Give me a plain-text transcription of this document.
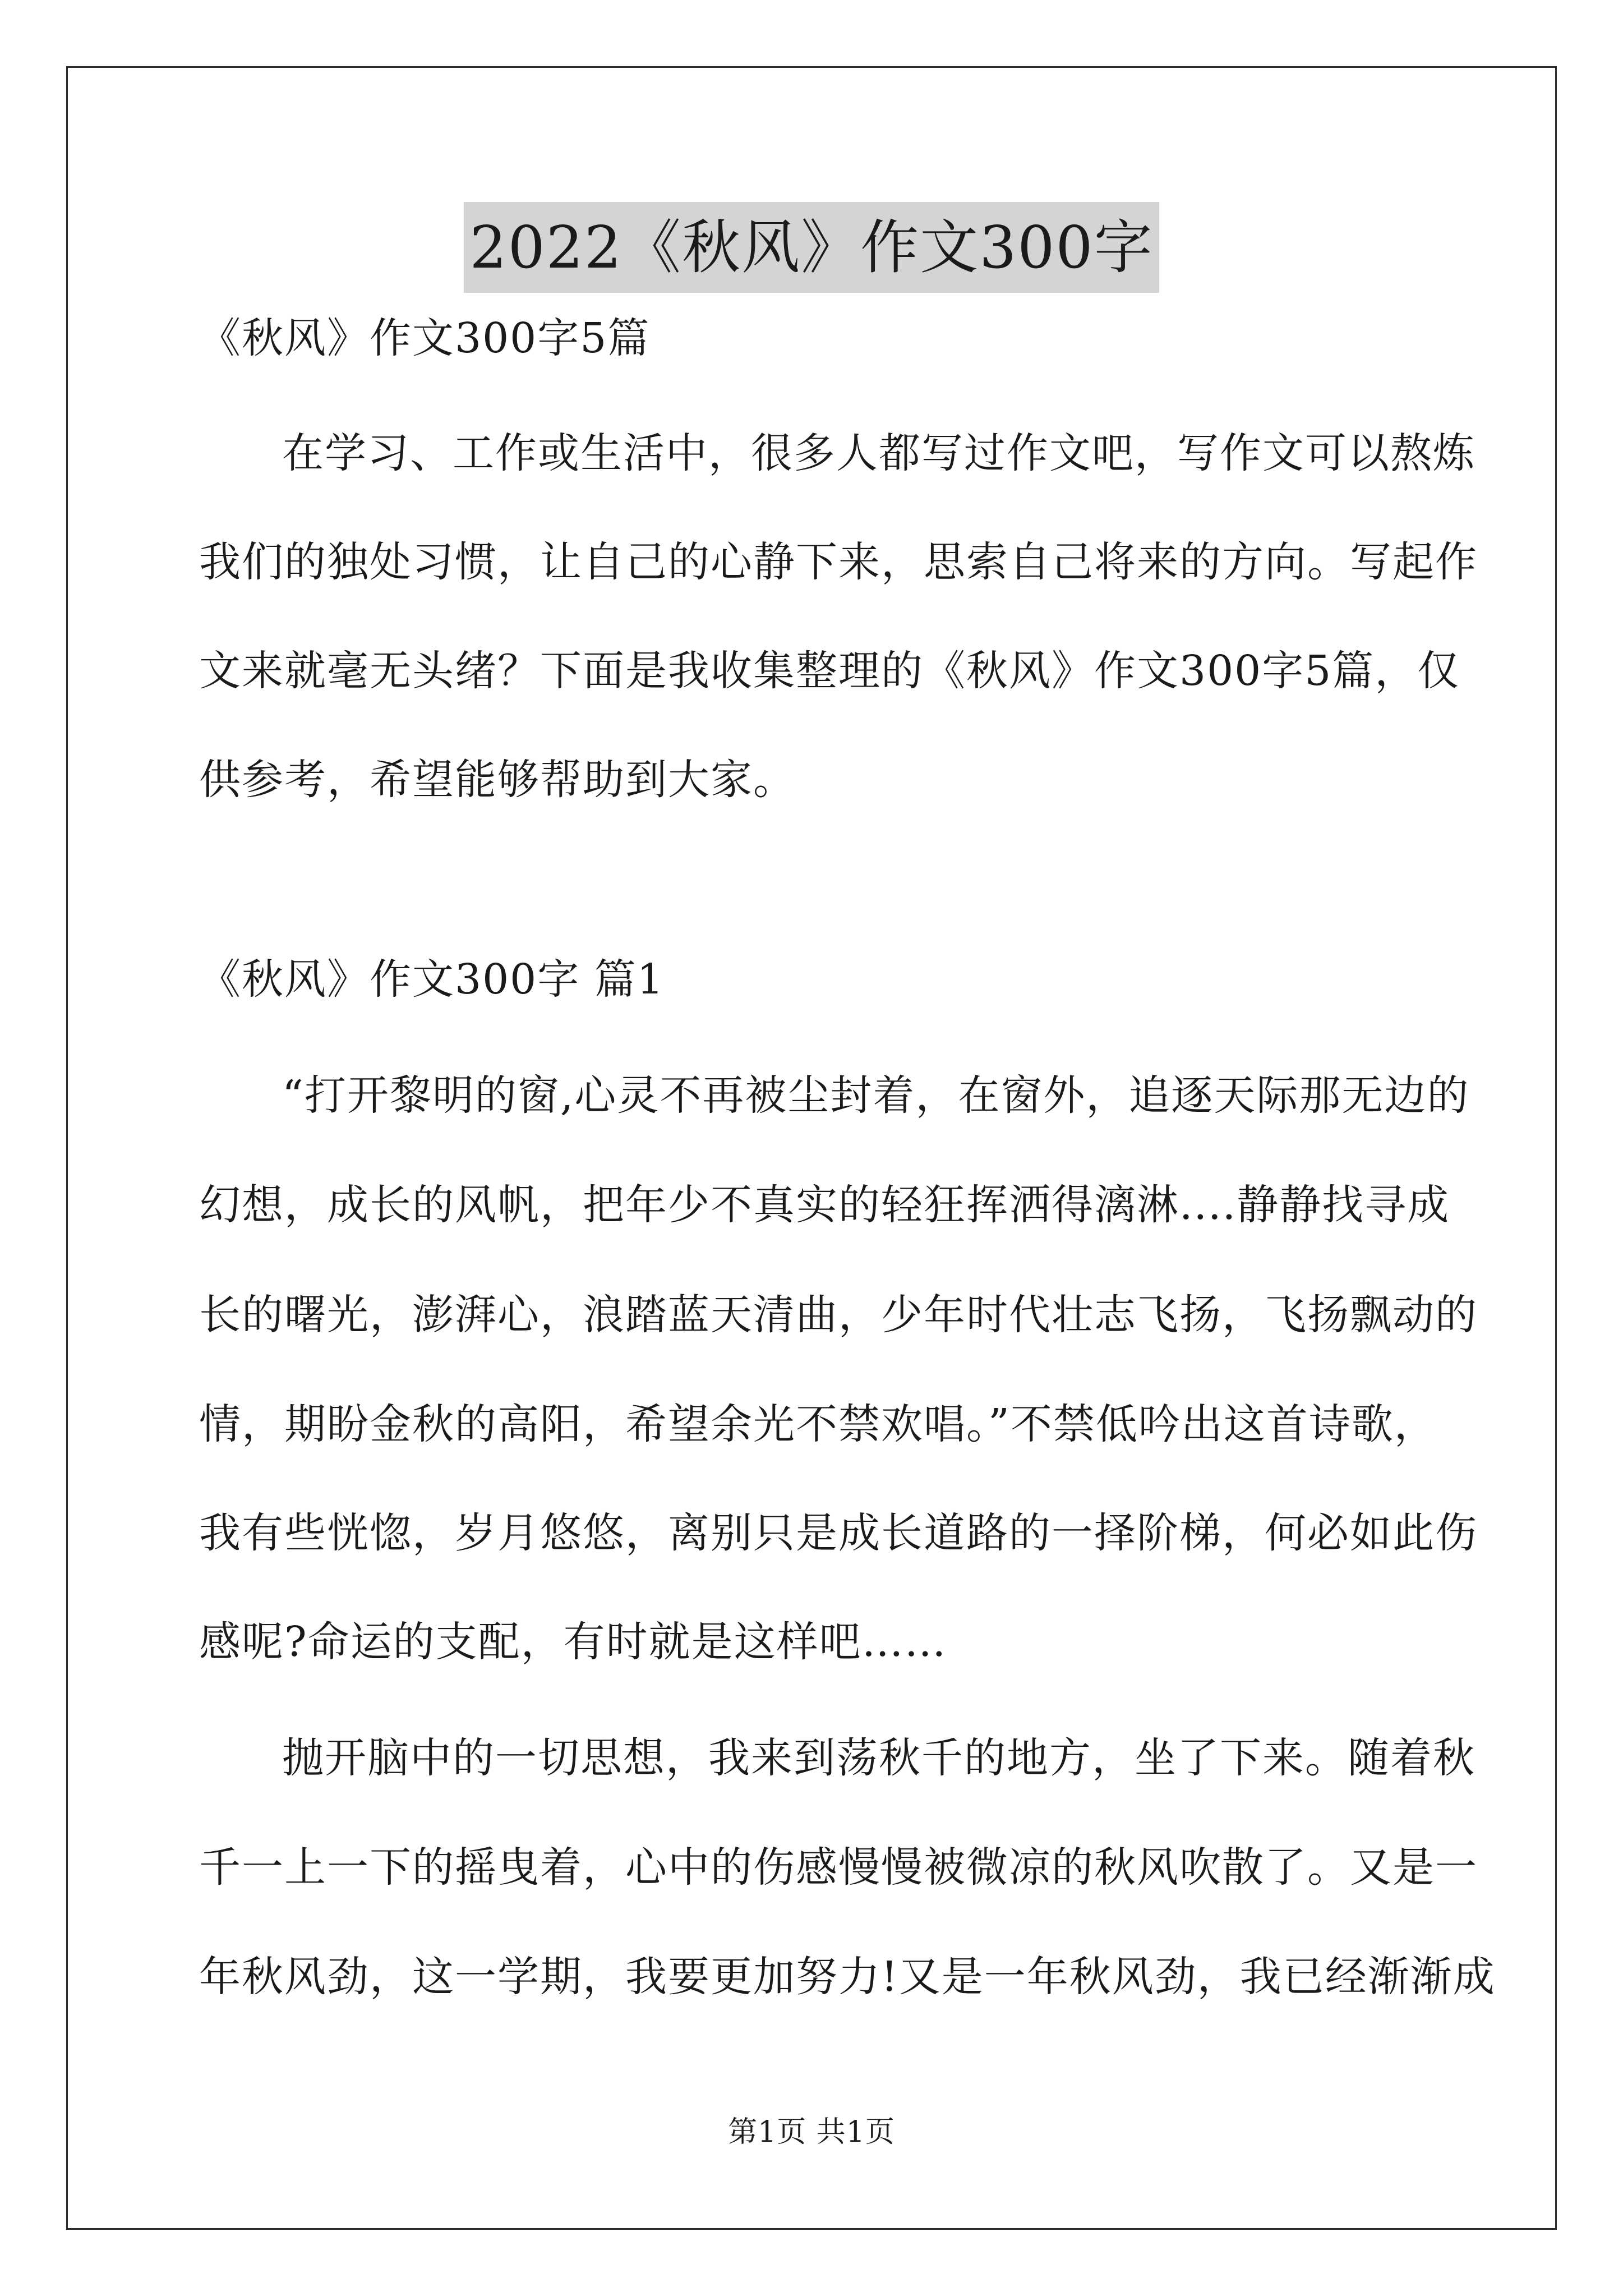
2022《秋风》作文300字
《秋风》作文300字5篇
在学习、工作或生活中，很多人都写过作文吧，写作文可以熬炼
我们的独处习惯，让自己的心静下来，思索自己将来的方向。写起作
文来就毫无头绪？下面是我收集整理的《秋风》作文300字5篇，仅
供参考，希望能够帮助到大家。
《秋风》作文300字 篇1
“打开黎明的窗,心灵不再被尘封着，在窗外，追逐天际那无边的
幻想，成长的风帆，把年少不真实的轻狂挥洒得漓淋....静静找寻成
长的曙光，澎湃心，浪踏蓝天清曲，少年时代壮志飞扬，飞扬飘动的
情，期盼金秋的高阳，希望余光不禁欢唱。”不禁低吟出这首诗歌，
我有些恍惚，岁月悠悠，离别只是成长道路的一择阶梯，何必如此伤
感呢?命运的支配，有时就是这样吧……
抛开脑中的一切思想，我来到荡秋千的地方，坐了下来。随着秋
千一上一下的摇曳着，心中的伤感慢慢被微凉的秋风吹散了。又是一
年秋风劲，这一学期，我要更加努力!又是一年秋风劲，我已经渐渐成
第1页 共1页
